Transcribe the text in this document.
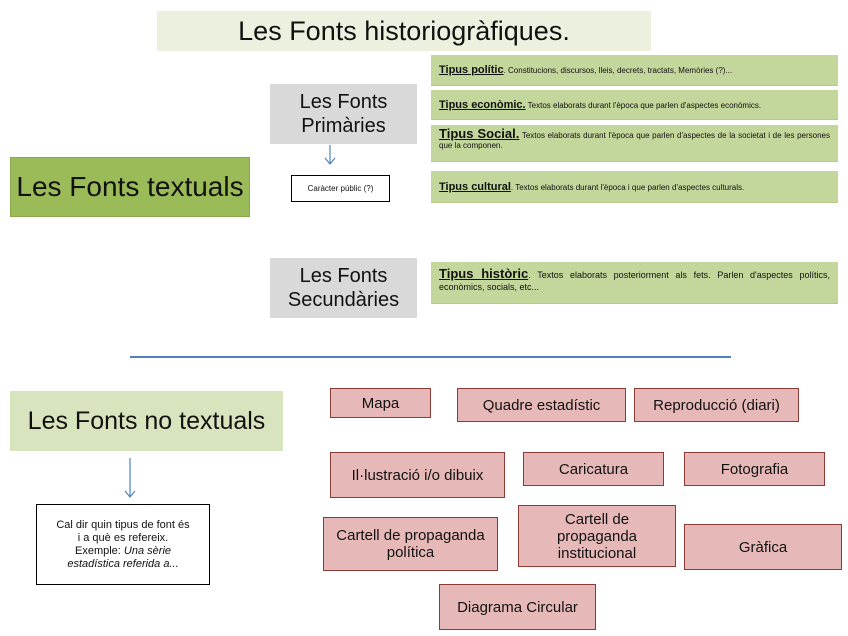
Les Fonts historiogràfiques.
Les Fonts textuals
Les Fonts
Primàries
Caràcter públic (?)
Tipus polític. Constitucions, discursos, lleis, decrets, tractats, Memòries (?)...
Tipus econòmic. Textos elaborats durant l'època que parlen d'aspectes econòmics.
Tipus Social. Textos elaborats durant l'època que parlen d'aspectes de la societat i de les persones que la componen.
Tipus cultural. Textos elaborats durant l'època i que parlen d'aspectes culturals.
Les Fonts
Secundàries
Tipus històric. Textos elaborats posteriorment als fets. Parlen d'aspectes polítics, econòmics, socials, etc...
Les Fonts no textuals
Cal dir quin tipus de font és
i a què es refereix.
Exemple: Una sèrie
estadística referida a...
Mapa	Quadre estadístic	Reproducció (diari)
Il·lustració i/o dibuix	Caricatura	Fotografia
Cartell de propaganda política
Cartell de propaganda institucional	Gràfica
Diagrama Circular
